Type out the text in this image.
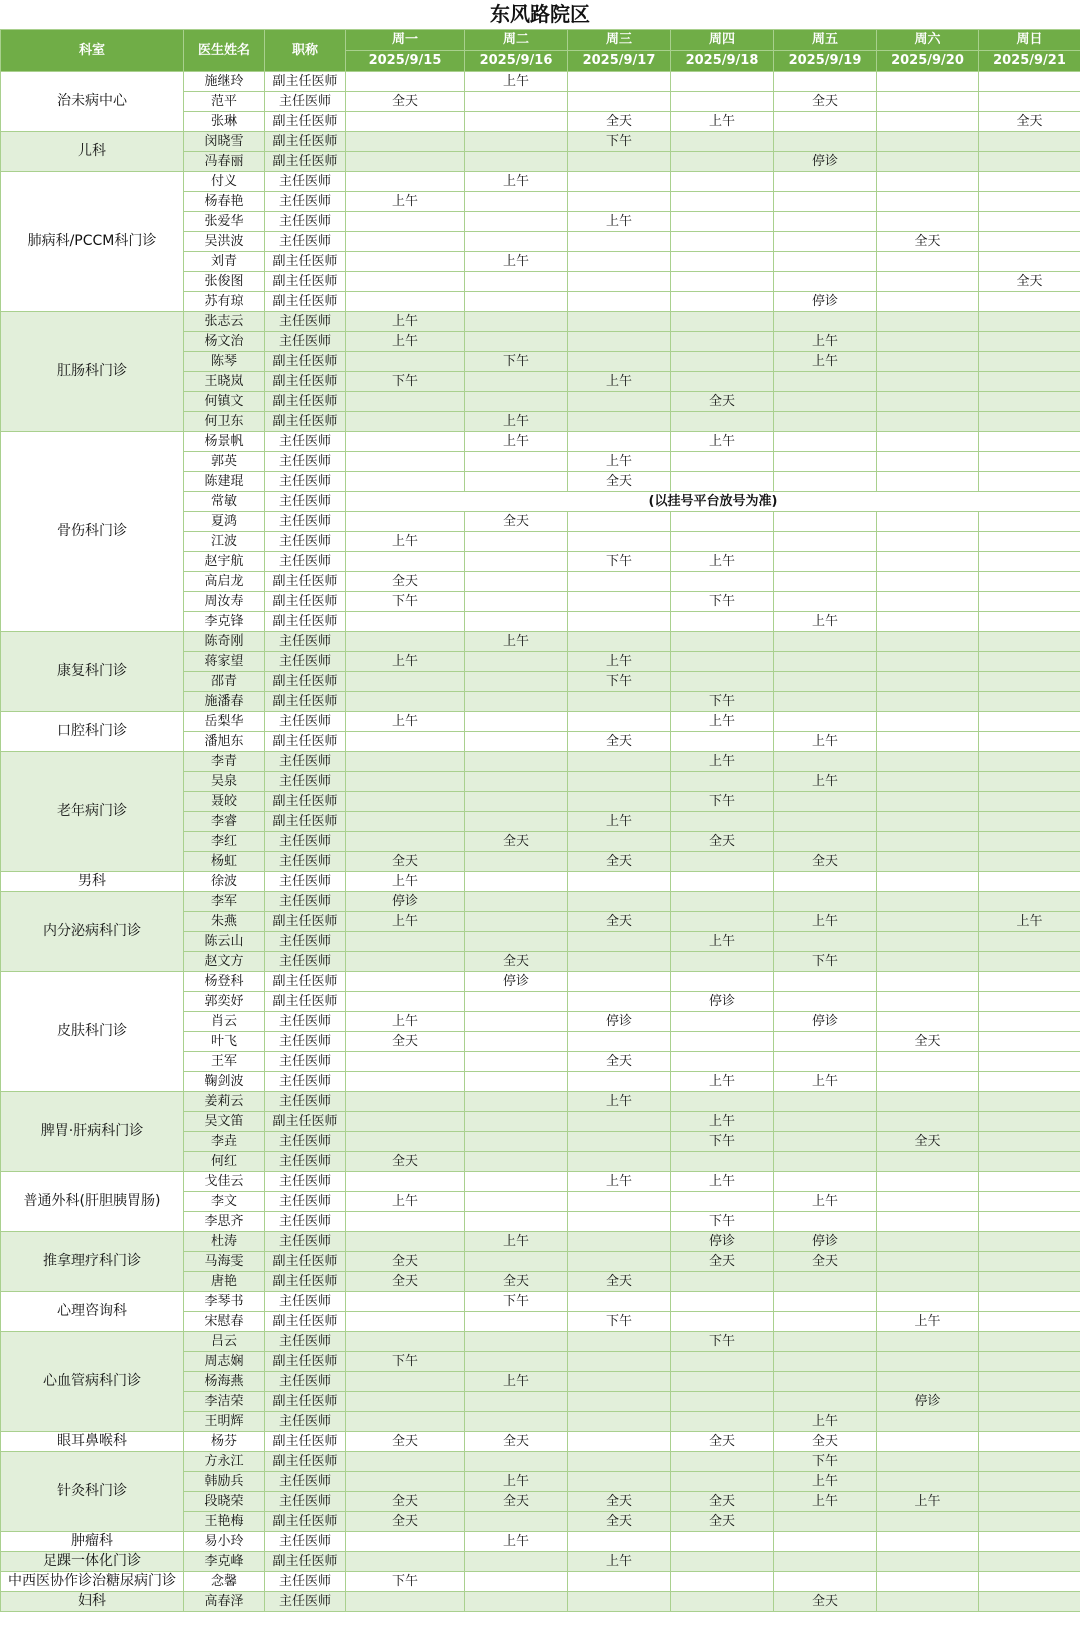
东风路院区
科室	医生姓名	职称	周一	周二	周三	周四	周五	周六	周日
			2025/9/15	2025/9/16	2025/9/17	2025/9/18	2025/9/19	2025/9/20	2025/9/21
治未病中心	施继玲	副主任医师		上午					
	范平	主任医师	全天				全天		
	张琳	副主任医师			全天	上午			全天
儿科	闵晓雪	副主任医师			下午				
	冯春丽	副主任医师					停诊		
肺病科/PCCM科门诊	付义	主任医师		上午					
	杨春艳	主任医师	上午						
	张爱华	主任医师			上午				
	吴洪波	主任医师						全天	
	刘青	副主任医师		上午					
	张俊图	副主任医师							全天
	苏有琼	副主任医师					停诊		
肛肠科门诊	张志云	主任医师	上午						
	杨文治	主任医师	上午				上午		
	陈琴	副主任医师		下午			上午		
	王晓岚	副主任医师	下午		上午				
	何镇文	副主任医师				全天			
	何卫东	副主任医师		上午					
骨伤科门诊	杨景帆	主任医师		上午		上午			
	郭英	主任医师			上午				
	陈建琨	主任医师			全天				
	常敏	主任医师	(以挂号平台放号为准)						
	夏鸿	主任医师		全天					
	江波	主任医师	上午						
	赵宇航	主任医师			下午	上午			
	高启龙	副主任医师	全天						
	周汝寿	副主任医师	下午			下午			
	李克锋	副主任医师					上午		
康复科门诊	陈奇刚	主任医师		上午					
	蒋家望	主任医师	上午		上午				
	邵青	副主任医师			下午				
	施潘春	副主任医师				下午			
口腔科门诊	岳梨华	主任医师	上午			上午			
	潘旭东	副主任医师			全天		上午		
老年病门诊	李青	主任医师				上午			
	吴泉	主任医师					上午		
	聂皎	副主任医师				下午			
	李睿	副主任医师			上午				
	李红	主任医师		全天		全天			
	杨虹	主任医师	全天		全天		全天		
男科	徐波	主任医师	上午						
内分泌病科门诊	李军	主任医师	停诊						
	朱燕	副主任医师	上午		全天		上午		上午
	陈云山	主任医师				上午			
	赵文方	主任医师		全天			下午		
皮肤科门诊	杨登科	副主任医师		停诊					
	郭奕妤	副主任医师				停诊			
	肖云	主任医师	上午		停诊		停诊		
	叶飞	主任医师	全天					全天	
	王军	主任医师			全天				
	鞠剑波	主任医师				上午	上午		
脾胃·肝病科门诊	姜莉云	主任医师			上午				
	吴文笛	副主任医师				上午			
	李垚	主任医师				下午		全天	
	何红	主任医师	全天						
普通外科(肝胆胰胃肠)	戈佳云	主任医师			上午	上午			
	李文	主任医师	上午				上午		
	李思齐	主任医师				下午			
推拿理疗科门诊	杜涛	主任医师		上午		停诊	停诊		
	马海雯	副主任医师	全天			全天	全天		
	唐艳	副主任医师	全天	全天	全天				
心理咨询科	李琴书	主任医师		下午					
	宋慰春	副主任医师			下午			上午	
心血管病科门诊	吕云	主任医师				下午			
	周志娴	副主任医师	下午						
	杨海燕	主任医师		上午					
	李洁荣	副主任医师						停诊	
	王明辉	主任医师					上午		
眼耳鼻喉科	杨芬	副主任医师	全天	全天		全天	全天		
针灸科门诊	方永江	副主任医师					下午		
	韩励兵	主任医师		上午			上午		
	段晓荣	主任医师	全天	全天	全天	全天	上午	上午	
	王艳梅	副主任医师	全天		全天	全天			
肿瘤科	易小玲	主任医师		上午					
足踝一体化门诊	李克峰	副主任医师			上午				
中西医协作诊治糖尿病门诊	念馨	主任医师	下午						
妇科	高春泽	主任医师					全天		
